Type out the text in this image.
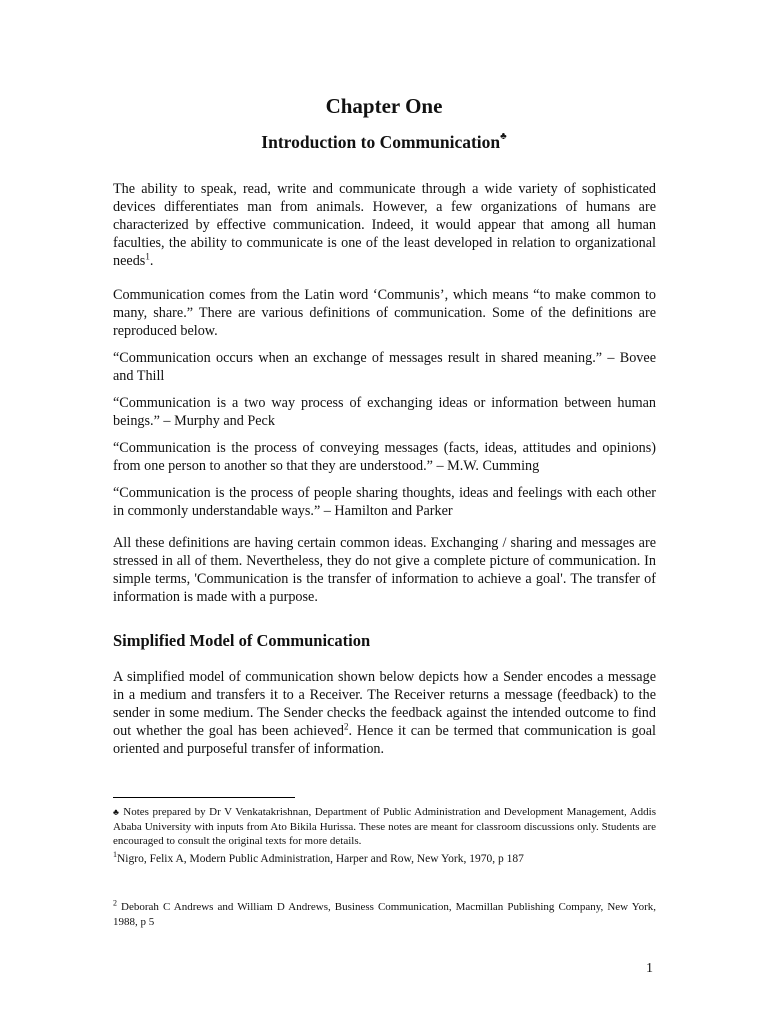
Chapter One
Introduction to Communication♣

The ability to speak, read, write and communicate through a wide variety of sophisticated devices differentiates man from animals. However, a few organizations of humans are characterized by effective communication. Indeed, it would appear that among all human faculties, the ability to communicate is one of the least developed in relation to organizational needs$^1$.

Communication comes from the Latin word ‘Communis’, which means “to make common to many, share.” There are various definitions of communication. Some of the definitions are reproduced below.

“Communication occurs when an exchange of messages result in shared meaning.” – Bovee and Thill

“Communication is a two way process of exchanging ideas or information between human beings.” – Murphy and Peck

“Communication is the process of conveying messages (facts, ideas, attitudes and opinions) from one person to another so that they are understood.” – M.W. Cumming

“Communication is the process of people sharing thoughts, ideas and feelings with each other in commonly understandable ways.” – Hamilton and Parker

All these definitions are having certain common ideas. Exchanging / sharing and messages are stressed in all of them. Nevertheless, they do not give a complete picture of communication. In simple terms, 'Communication is the transfer of information to achieve a goal'. The transfer of information is made with a purpose.

Simplified Model of Communication

A simplified model of communication shown below depicts how a Sender encodes a message in a medium and transfers it to a Receiver. The Receiver returns a message (feedback) to the sender in some medium. The Sender checks the feedback against the intended outcome to find out whether the goal has been achieved$^2$. Hence it can be termed that communication is goal oriented and purposeful transfer of information.

♣ Notes prepared by Dr V Venkatakrishnan, Department of Public Administration and Development Management, Addis Ababa University with inputs from Ato Bikila Hurissa. These notes are meant for classroom discussions only. Students are encouraged to consult the original texts for more details.

$^1$Nigro, Felix A, Modern Public Administration, Harper and Row, New York, 1970, p 187

$^2$ Deborah C Andrews and William D Andrews, Business Communication, Macmillan Publishing Company, New York, 1988, p 5

1
